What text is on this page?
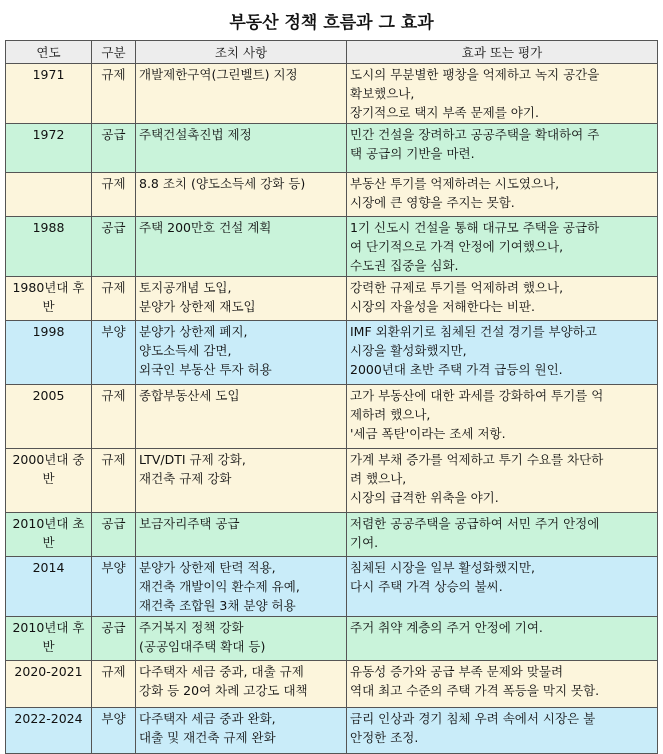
부동산 정책 흐름과 그 효과
연도	구분	조치 사항	효과 또는 평가

1971	규제	개발제한구역(그린벨트) 지정	도시의 무분별한 팽창을 억제하고 녹지 공간을
확보했으나,
장기적으로 택지 부족 문제를 야기.

1972	공급	주택건설촉진법 제정	민간 건설을 장려하고 공공주택을 확대하여 주
택 공급의 기반을 마련.

	규제	8.8 조치 (양도소득세 강화 등)	부동산 투기를 억제하려는 시도였으나,
시장에 큰 영향을 주지는 못함.

1988	공급	주택 200만호 건설 계획	1기 신도시 건설을 통해 대규모 주택을 공급하
여 단기적으로 가격 안정에 기여했으나,
수도권 집중을 심화.

1980년대 후반	규제	토지공개념 도입,
분양가 상한제 재도입	강력한 규제로 투기를 억제하려 했으나,
시장의 자율성을 저해한다는 비판.

1998	부양	분양가 상한제 폐지,
양도소득세 감면,
외국인 부동산 투자 허용	IMF 외환위기로 침체된 건설 경기를 부양하고
시장을 활성화했지만,
2000년대 초반 주택 가격 급등의 원인.

2005	규제	종합부동산세 도입	고가 부동산에 대한 과세를 강화하여 투기를 억
제하려 했으나,
'세금 폭탄'이라는 조세 저항.

2000년대 중반	규제	LTV/DTI 규제 강화,
재건축 규제 강화	가계 부채 증가를 억제하고 투기 수요를 차단하
려 했으나,
시장의 급격한 위축을 야기.

2010년대 초반	공급	보금자리주택 공급	저렴한 공공주택을 공급하여 서민 주거 안정에
기여.

2014	부양	분양가 상한제 탄력 적용,
재건축 개발이익 환수제 유예,
재건축 조합원 3채 분양 허용	침체된 시장을 일부 활성화했지만,
다시 주택 가격 상승의 불씨.

2010년대 후반	공급	주거복지 정책 강화
(공공임대주택 확대 등)	주거 취약 계층의 주거 안정에 기여.

2020-2021	규제	다주택자 세금 중과, 대출 규제
강화 등 20여 차례 고강도 대책	유동성 증가와 공급 부족 문제와 맞물려
역대 최고 수준의 주택 가격 폭등을 막지 못함.

2022-2024	부양	다주택자 세금 중과 완화,
대출 및 재건축 규제 완화	금리 인상과 경기 침체 우려 속에서 시장은 불
안정한 조정.
